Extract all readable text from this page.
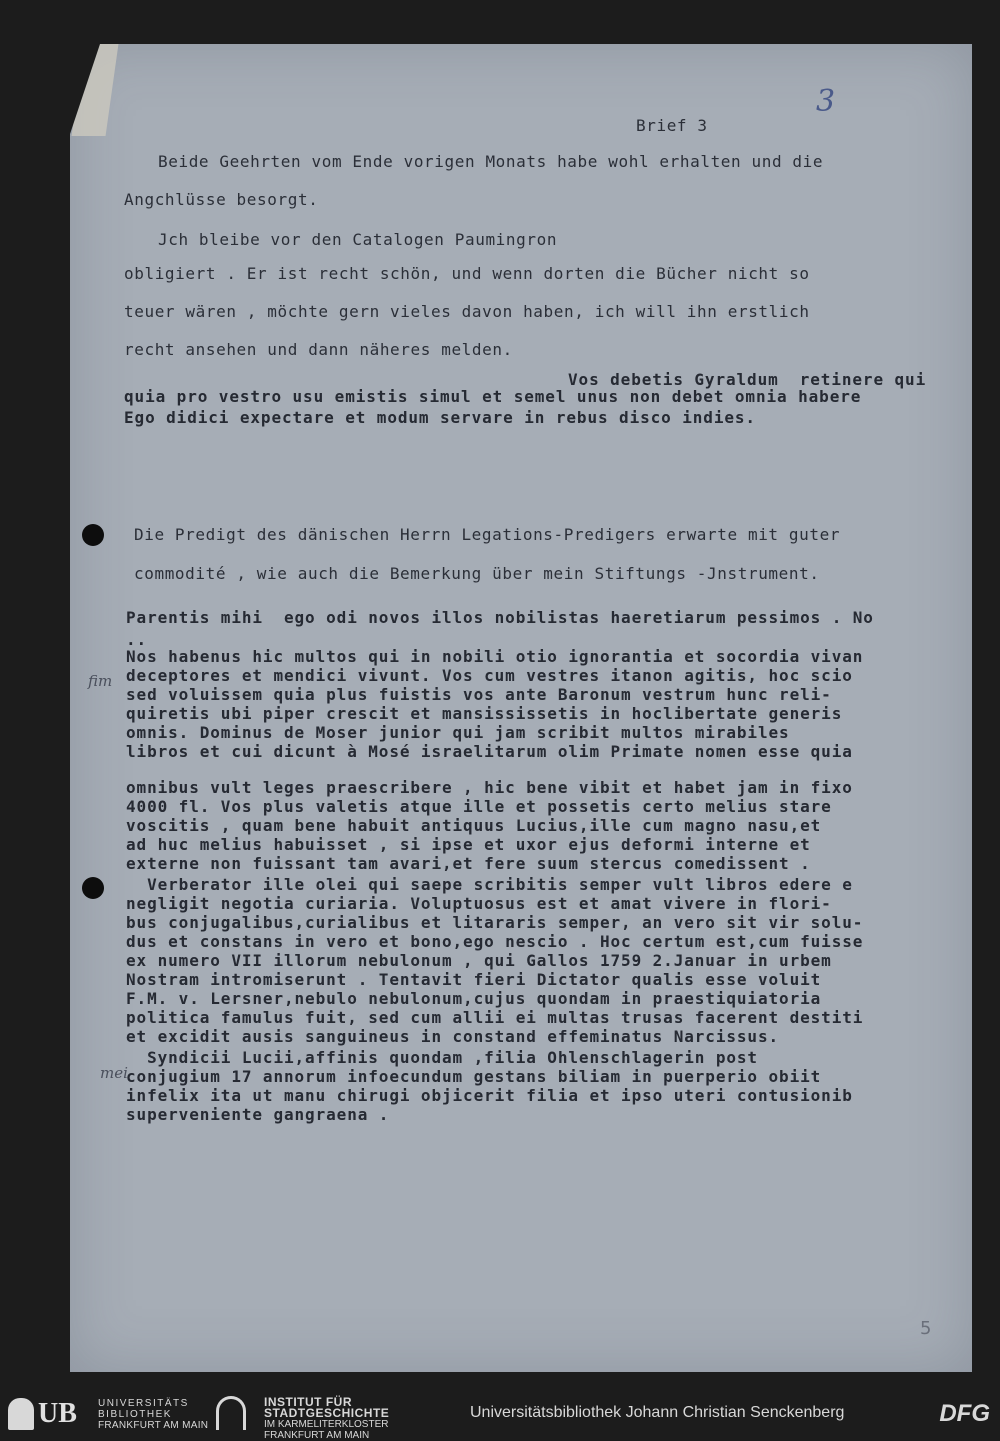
3
Brief 3
Beide Geehrten vom Ende vorigen Monats habe wohl erhalten und die
Angchlüsse besorgt.
Jch bleibe vor den Catalogen Paumingron
obligiert . Er ist recht schön, und wenn dorten die Bücher nicht so
teuer wären , möchte gern vieles davon haben, ich will ihn erstlich
recht ansehen und dann näheres melden.
Vos debetis Gyraldum  retinere qui
quia pro vestro usu emistis simul et semel unus non debet omnia habere
Ego didici expectare et modum servare in rebus disco indies.
Die Predigt des dänischen Herrn Legations-Predigers erwarte mit guter
commodité , wie auch die Bemerkung über mein Stiftungs -Jnstrument.
Parentis mihi  ego odi novos illos nobilistas haeretiarum pessimos . No
..
Nos habenus hic multos qui in nobili otio ignorantia et socordia vivan
deceptores et mendici vivunt. Vos cum vestres itanon agitis, hoc scio
sed voluissem quia plus fuistis vos ante Baronum vestrum hunc reli-
quiretis ubi piper crescit et mansississetis in hoclibertate generis
omnis. Dominus de Moser junior qui jam scribit multos mirabiles
libros et cui dicunt à Mosé israelitarum olim Primate nomen esse quia
fim
omnibus vult leges praescribere , hic bene vibit et habet jam in fixo
4000 fl. Vos plus valetis atque ille et possetis certo melius stare
voscitis , quam bene habuit antiquus Lucius,ille cum magno nasu,et
ad huc melius habuisset , si ipse et uxor ejus deformi interne et
externe non fuissant tam avari,et fere suum stercus comedissent .
Verberator ille olei qui saepe scribitis semper vult libros edere e
negligit negotia curiaria. Voluptuosus est et amat vivere in flori-
bus conjugalibus,curialibus et litararis semper, an vero sit vir solu-
dus et constans in vero et bono,ego nescio . Hoc certum est,cum fuisse
ex numero VII illorum nebulonum , qui Gallos 1759 2.Januar in urbem
Nostram intromiserunt . Tentavit fieri Dictator qualis esse voluit
F.M. v. Lersner,nebulo nebulonum,cujus quondam in praestiquiatoria
politica famulus fuit, sed cum allii ei multas trusas facerent destiti
et excidit ausis sanguineus in constand effeminatus Narcissus.
Syndicii Lucii,affinis quondam ,filia Ohlenschlagerin post
conjugium 17 annorum infoecundum gestans biliam in puerperio obiit
infelix ita ut manu chirugi objicerit filia et ipso uteri contusionib
superveniente gangraena .
mei
5
UB UNIVERSITÄTS
BIBLIOTHEK
FRANKFURT AM MAIN
INSTITUT FÜR
STADTGESCHICHTE
IM KARMELITERKLOSTER
FRANKFURT AM MAIN
Universitätsbibliothek Johann Christian Senckenberg	DFG
